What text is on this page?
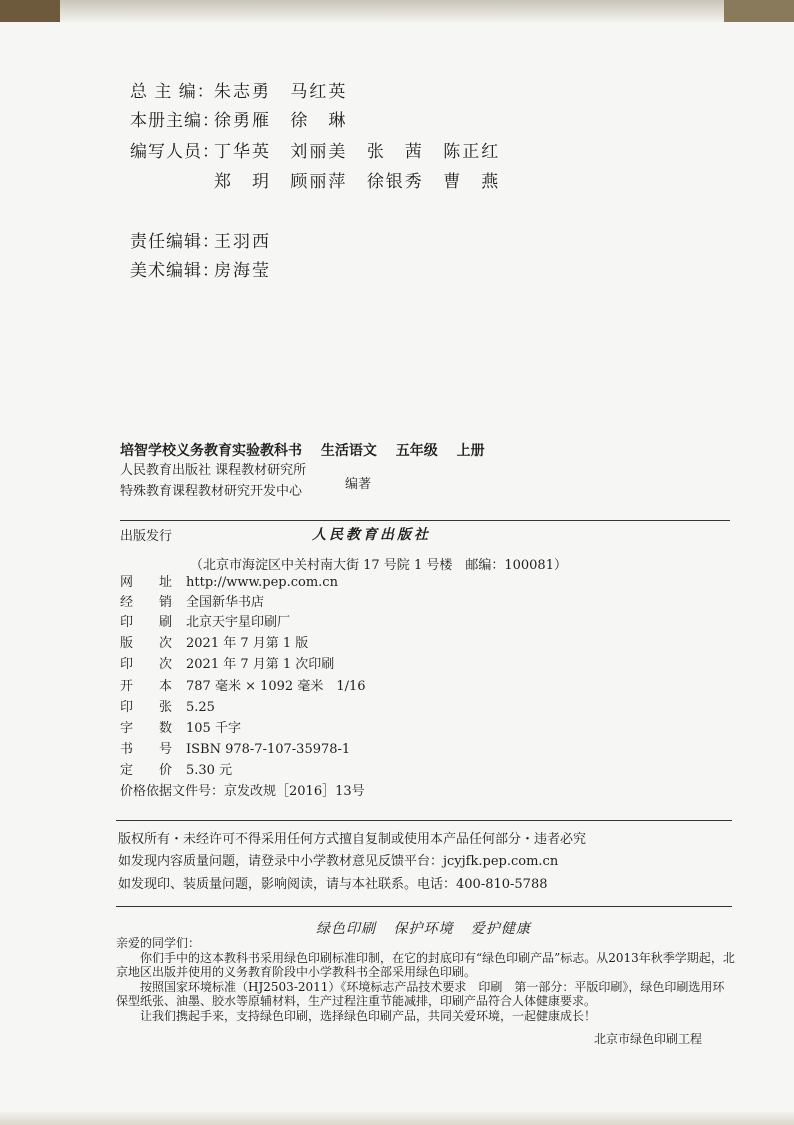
总 主 编：朱志勇 马红英
本册主编：徐勇雁 徐　琳
编写人员：丁华英 刘丽美 张　茜 陈正红
郑　玥 顾丽萍 徐银秀 曹　燕
责任编辑：王羽西
美术编辑：房海莹
培智学校义务教育实验教科书 生活语文 五年级 上册
人民教育出版社 课程教材研究所
特殊教育课程教材研究开发中心	编著
出版发行	人民教育出版社
（北京市海淀区中关村南大街 17 号院 1 号楼　邮编：100081）
网　　址 http://www.pep.com.cn
经　　销 全国新华书店
印　　刷 北京天宇星印刷厂
版　　次 2021 年 7 月第 1 版
印　　次 2021 年 7 月第 1 次印刷
开　　本 787 毫米 × 1092 毫米　1/16
印　　张 5.25
字　　数 105 千字
书　　号 ISBN 978-7-107-35978-1
定　　价 5.30 元
价格依据文件号：京发改规［2016］13号
版权所有・未经许可不得采用任何方式擅自复制或使用本产品任何部分・违者必究
如发现内容质量问题，请登录中小学教材意见反馈平台：jcyjfk.pep.com.cn
如发现印、装质量问题，影响阅读，请与本社联系。电话：400-810-5788
绿色印刷 保护环境 爱护健康

亲爱的同学们：

你们手中的这本教科书采用绿色印刷标准印制，在它的封底印有“绿色印刷产品”标志。从2013年秋季学期起，北京地区出版并使用的义务教育阶段中小学教科书全部采用绿色印刷。

按照国家环境标准（HJ2503-2011）《环境标志产品技术要求　印刷　第一部分：平版印刷》，绿色印刷选用环保型纸张、油墨、胶水等原辅材料，生产过程注重节能减排，印刷产品符合人体健康要求。

让我们携起手来，支持绿色印刷，选择绿色印刷产品，共同关爱环境，一起健康成长！

北京市绿色印刷工程
